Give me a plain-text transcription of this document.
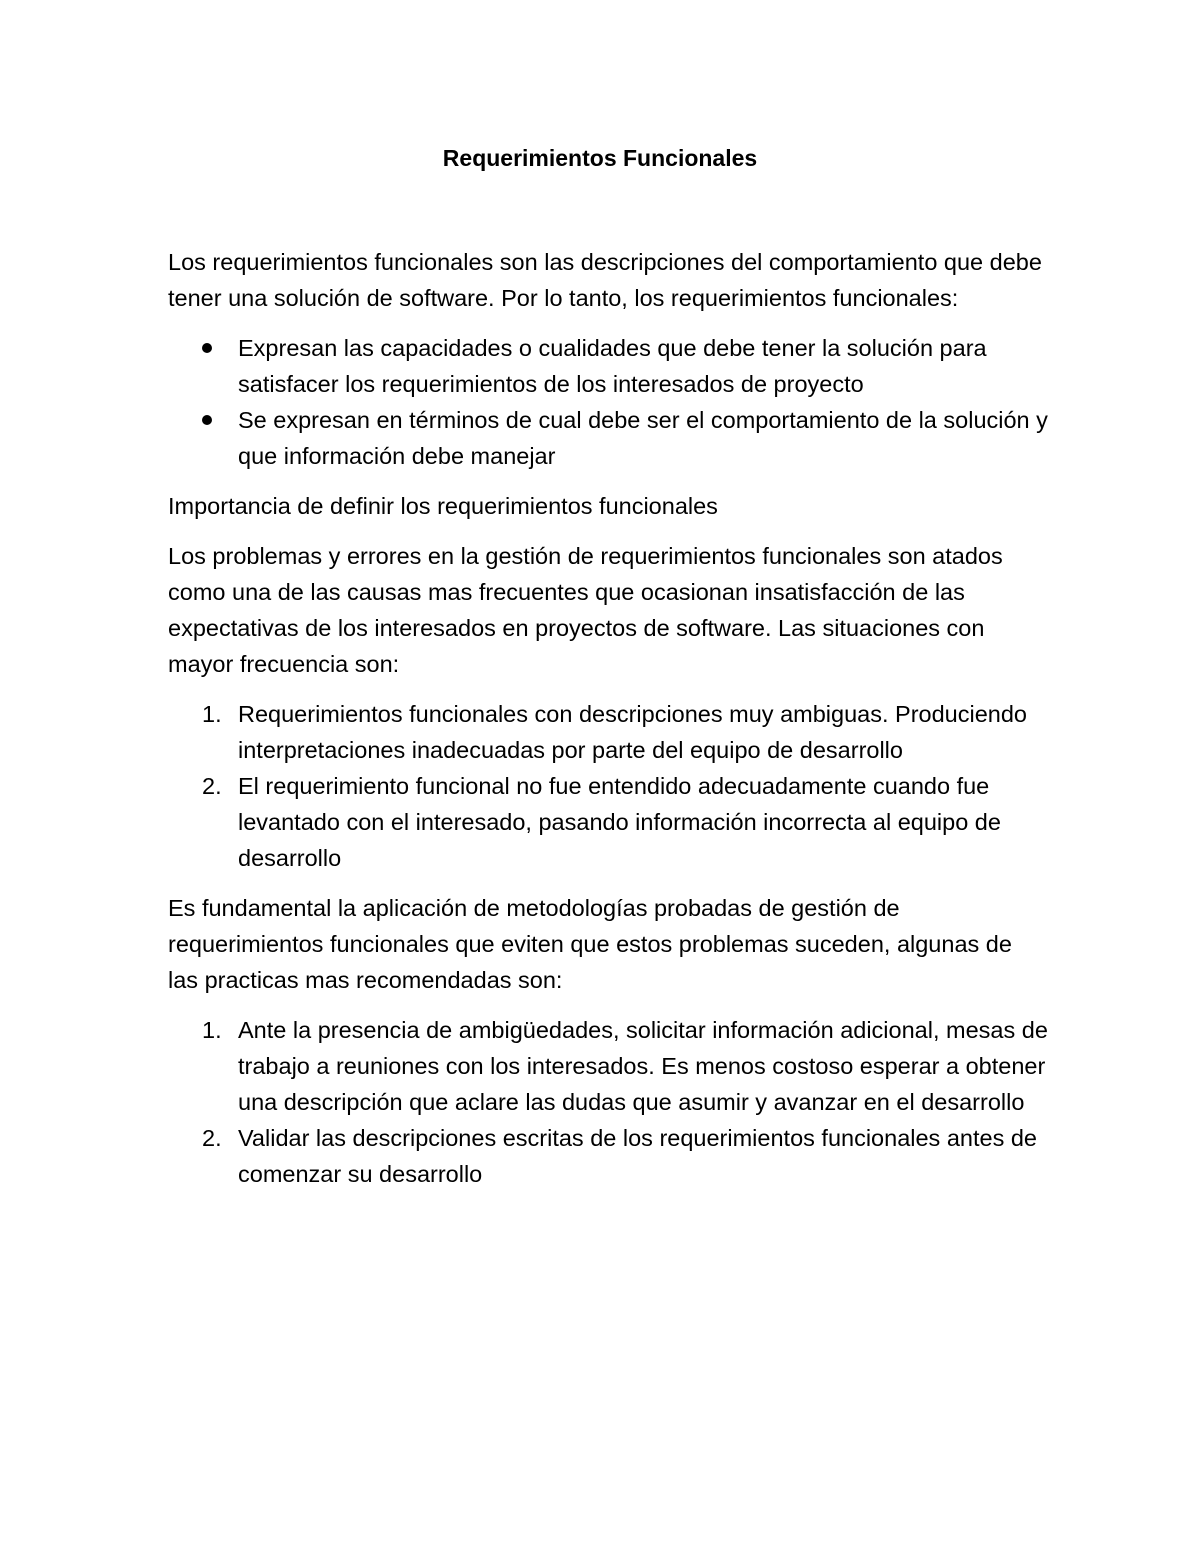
Requerimientos Funcionales

Los requerimientos funcionales son las descripciones del comportamiento que debe tener una solución de software. Por lo tanto, los requerimientos funcionales:

Expresan las capacidades o cualidades que debe tener la solución para satisfacer los requerimientos de los interesados de proyecto
Se expresan en términos de cual debe ser el comportamiento de la solución y que información debe manejar

Importancia de definir los requerimientos funcionales

Los problemas y errores en la gestión de requerimientos funcionales son atados como una de las causas mas frecuentes que ocasionan insatisfacción de las expectativas de los interesados en proyectos de software. Las situaciones con mayor frecuencia son:

1. Requerimientos funcionales con descripciones muy ambiguas. Produciendo interpretaciones inadecuadas por parte del equipo de desarrollo
2. El requerimiento funcional no fue entendido adecuadamente cuando fue levantado con el interesado, pasando información incorrecta al equipo de desarrollo

Es fundamental la aplicación de metodologías probadas de gestión de requerimientos funcionales que eviten que estos problemas suceden, algunas de las practicas mas recomendadas son:

1. Ante la presencia de ambigüedades, solicitar información adicional, mesas de trabajo a reuniones con los interesados. Es menos costoso esperar a obtener una descripción que aclare las dudas que asumir y avanzar en el desarrollo
2. Validar las descripciones escritas de los requerimientos funcionales antes de comenzar su desarrollo
